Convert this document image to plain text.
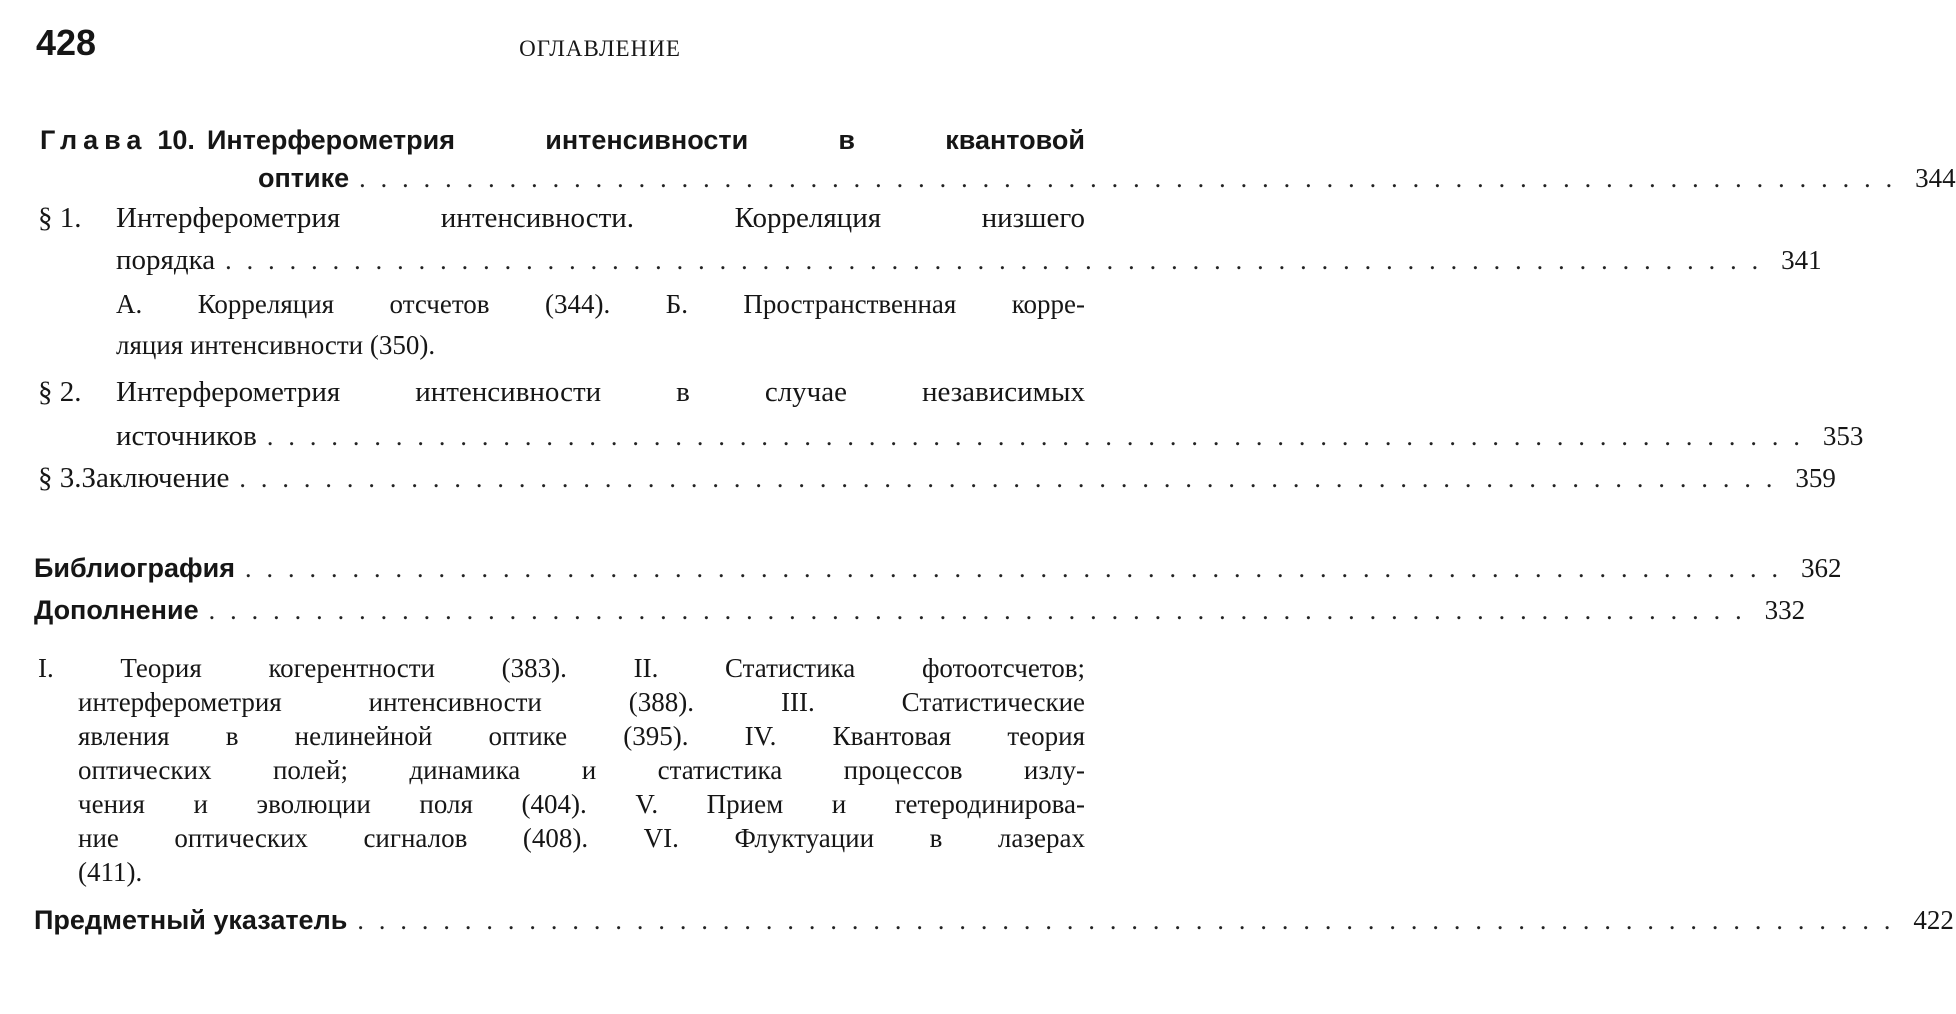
428	ОГЛАВЛЕНИЕ
Глава 10. Интерферометрия интенсивности в квантовой
оптике ........................................................................ 344
§ 1.	Интерферометрия интенсивности. Корреляция низшего
порядка ........................................................................ 341
А. Корреляция отсчетов (344). Б. Пространственная корре-
ляция интенсивности (350).
§ 2.	Интерферометрия интенсивности в случае независимых
источников ........................................................................ 353
§ 3. Заключение ........................................................................ 359
Библиография ........................................................................ 362
Дополнение ........................................................................ 332
I. Теория когерентности (383). II. Статистика фотоотсчетов;
интерферометрия интенсивности (388). III. Статистические
явления в нелинейной оптике (395). IV. Квантовая теория
оптических полей; динамика и статистика процессов излу-
чения и эволюции поля (404). V. Прием и гетеродинирова-
ние оптических сигналов (408). VI. Флуктуации в лазерах
(411).
Предметный указатель ........................................................................ 422
